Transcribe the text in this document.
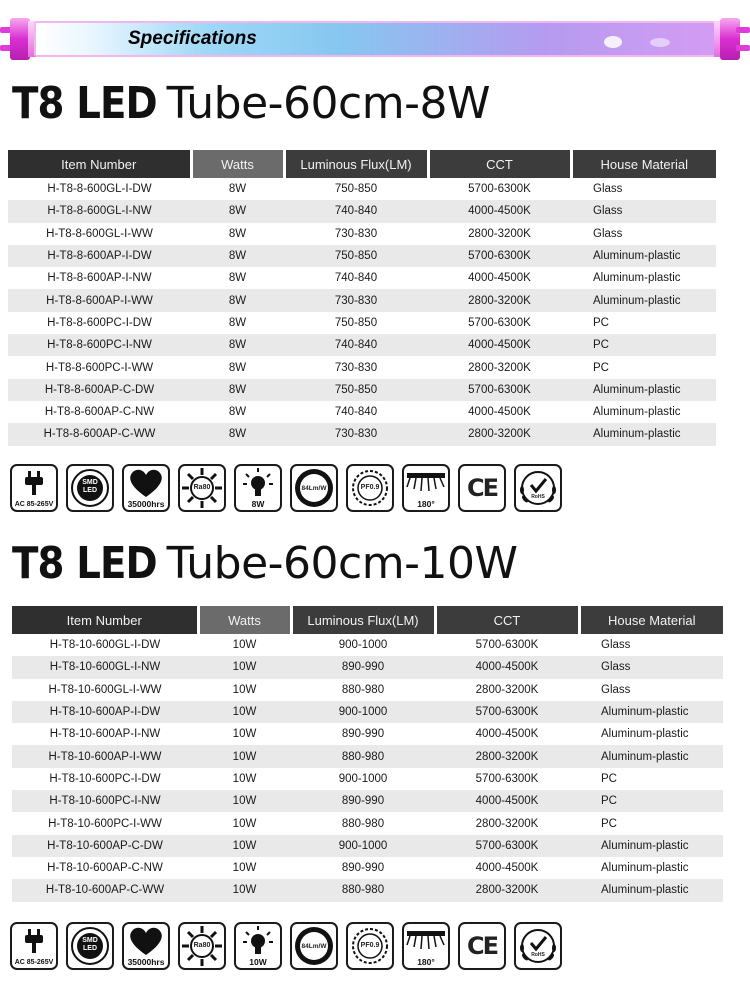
Specifications
T8 LED Tube-60cm-8W
Item Number	Watts	Luminous Flux(LM)	CCT	House Material
H-T8-8-600GL-I-DW	8W	750-850	5700-6300K	Glass
H-T8-8-600GL-I-NW	8W	740-840	4000-4500K	Glass
H-T8-8-600GL-I-WW	8W	730-830	2800-3200K	Glass
H-T8-8-600AP-I-DW	8W	750-850	5700-6300K	Aluminum-plastic
H-T8-8-600AP-I-NW	8W	740-840	4000-4500K	Aluminum-plastic
H-T8-8-600AP-I-WW	8W	730-830	2800-3200K	Aluminum-plastic
H-T8-8-600PC-I-DW	8W	750-850	5700-6300K	PC
H-T8-8-600PC-I-NW	8W	740-840	4000-4500K	PC
H-T8-8-600PC-I-WW	8W	730-830	2800-3200K	PC
H-T8-8-600AP-C-DW	8W	750-850	5700-6300K	Aluminum-plastic
H-T8-8-600AP-C-NW	8W	740-840	4000-4500K	Aluminum-plastic
H-T8-8-600AP-C-WW	8W	730-830	2800-3200K	Aluminum-plastic
AC 85-265V
SMD
LED
35000hrs
Ra80
8W
84Lm/W	PF0.9
180°
CE	RoHS
T8 LED Tube-60cm-10W
Item Number	Watts	Luminous Flux(LM)	CCT	House Material
H-T8-10-600GL-I-DW	10W	900-1000	5700-6300K	Glass
H-T8-10-600GL-I-NW	10W	890-990	4000-4500K	Glass
H-T8-10-600GL-I-WW	10W	880-980	2800-3200K	Glass
H-T8-10-600AP-I-DW	10W	900-1000	5700-6300K	Aluminum-plastic
H-T8-10-600AP-I-NW	10W	890-990	4000-4500K	Aluminum-plastic
H-T8-10-600AP-I-WW	10W	880-980	2800-3200K	Aluminum-plastic
H-T8-10-600PC-I-DW	10W	900-1000	5700-6300K	PC
H-T8-10-600PC-I-NW	10W	890-990	4000-4500K	PC
H-T8-10-600PC-I-WW	10W	880-980	2800-3200K	PC
H-T8-10-600AP-C-DW	10W	900-1000	5700-6300K	Aluminum-plastic
H-T8-10-600AP-C-NW	10W	890-990	4000-4500K	Aluminum-plastic
H-T8-10-600AP-C-WW	10W	880-980	2800-3200K	Aluminum-plastic
AC 85-265V
SMD
LED
35000hrs
Ra80
10W
84Lm/W	PF0.9
180°
CE	RoHS
